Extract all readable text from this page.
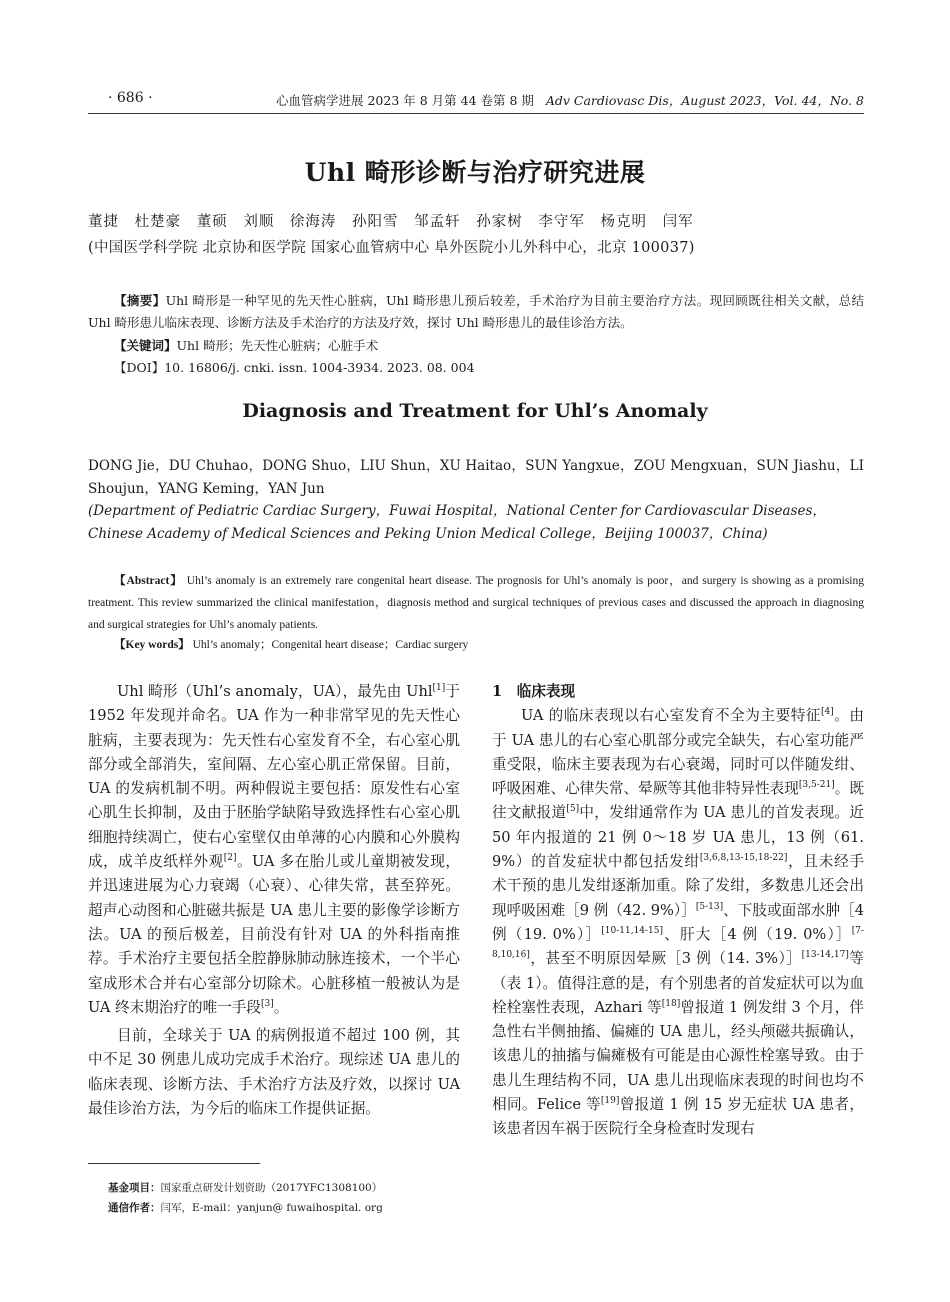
· 686 ·	心血管病学进展 2023 年 8 月第 44 卷第 8 期 Adv Cardiovasc Dis，August 2023，Vol. 44，No. 8
Uhl 畸形诊断与治疗研究进展
董捷 杜楚豪 董硕 刘顺 徐海涛 孙阳雪 邹孟轩 孙家树 李守军 杨克明 闫军
(中国医学科学院 北京协和医学院 国家心血管病中心 阜外医院小儿外科中心，北京 100037)
【摘要】Uhl 畸形是一种罕见的先天性心脏病，Uhl 畸形患儿预后较差，手术治疗为目前主要治疗方法。现回顾既往相关文献，总结 Uhl 畸形患儿临床表现、诊断方法及手术治疗的方法及疗效，探讨 Uhl 畸形患儿的最佳诊治方法。
【关键词】Uhl 畸形；先天性心脏病；心脏手术
【DOI】10. 16806/j. cnki. issn. 1004-3934. 2023. 08. 004
Diagnosis and Treatment for Uhl’s Anomaly
DONG Jie，DU Chuhao，DONG Shuo，LIU Shun，XU Haitao，SUN Yangxue，ZOU Mengxuan，SUN Jiashu，LI Shoujun，YANG Keming，YAN Jun
(Department of Pediatric Cardiac Surgery，Fuwai Hospital，National Center for Cardiovascular Diseases，Chinese Academy of Medical Sciences and Peking Union Medical College，Beijing 100037，China)
【Abstract】 Uhl’s anomaly is an extremely rare congenital heart disease. The prognosis for Uhl’s anomaly is poor，and surgery is showing as a promising treatment. This review summarized the clinical manifestation，diagnosis method and surgical techniques of previous cases and discussed the approach in diagnosing and surgical strategies for Uhl’s anomaly patients.
【Key words】 Uhl’s anomaly；Congenital heart disease；Cardiac surgery

Uhl 畸形（Uhl’s anomaly，UA），最先由 Uhl[1]于 1952 年发现并命名。UA 作为一种非常罕见的先天性心脏病，主要表现为：先天性右心室发育不全，右心室心肌部分或全部消失，室间隔、左心室心肌正常保留。目前，UA 的发病机制不明。两种假说主要包括：原发性右心室心肌生长抑制，及由于胚胎学缺陷导致选择性右心室心肌细胞持续凋亡，使右心室壁仅由单薄的心内膜和心外膜构成，成羊皮纸样外观[2]。UA 多在胎儿或儿童期被发现，并迅速进展为心力衰竭（心衰）、心律失常，甚至猝死。超声心动图和心脏磁共振是 UA 患儿主要的影像学诊断方法。UA 的预后极差，目前没有针对 UA 的外科指南推荐。手术治疗主要包括全腔静脉肺动脉连接术，一个半心室成形术合并右心室部分切除术。心脏移植一般被认为是 UA 终末期治疗的唯一手段[3]。

目前，全球关于 UA 的病例报道不超过 100 例，其中不足 30 例患儿成功完成手术治疗。现综述 UA 患儿的临床表现、诊断方法、手术治疗方法及疗效，以探讨 UA 最佳诊治方法，为今后的临床工作提供证据。

1　临床表现

UA 的临床表现以右心室发育不全为主要特征[4]。由于 UA 患儿的右心室心肌部分或完全缺失，右心室功能严重受限，临床主要表现为右心衰竭，同时可以伴随发绀、呼吸困难、心律失常、晕厥等其他非特异性表现[3,5-21]。既往文献报道[5]中，发绀通常作为 UA 患儿的首发表现。近 50 年内报道的 21 例 0～18 岁 UA 患儿，13 例（61. 9%）的首发症状中都包括发绀[3,6,8,13-15,18-22]，且未经手术干预的患儿发绀逐渐加重。除了发绀，多数患儿还会出现呼吸困难［9 例（42. 9%）］[5-13]、下肢或面部水肿［4 例（19. 0%）］[10-11,14-15]、肝大［4 例（19. 0%）］[7-8,10,16]，甚至不明原因晕厥［3 例（14. 3%）］[13-14,17]等（表 1）。值得注意的是，有个别患者的首发症状可以为血栓栓塞性表现，Azhari 等[18]曾报道 1 例发绀 3 个月，伴急性右半侧抽搐、偏瘫的 UA 患儿，经头颅磁共振确认，该患儿的抽搐与偏瘫极有可能是由心源性栓塞导致。由于患儿生理结构不同，UA 患儿出现临床表现的时间也均不相同。Felice 等[19]曾报道 1 例 15 岁无症状 UA 患者，该患者因车祸于医院行全身检查时发现右

基金项目：国家重点研发计划资助（2017YFC1308100）
通信作者：闫军，E-mail：yanjun@ fuwaihospital. org
